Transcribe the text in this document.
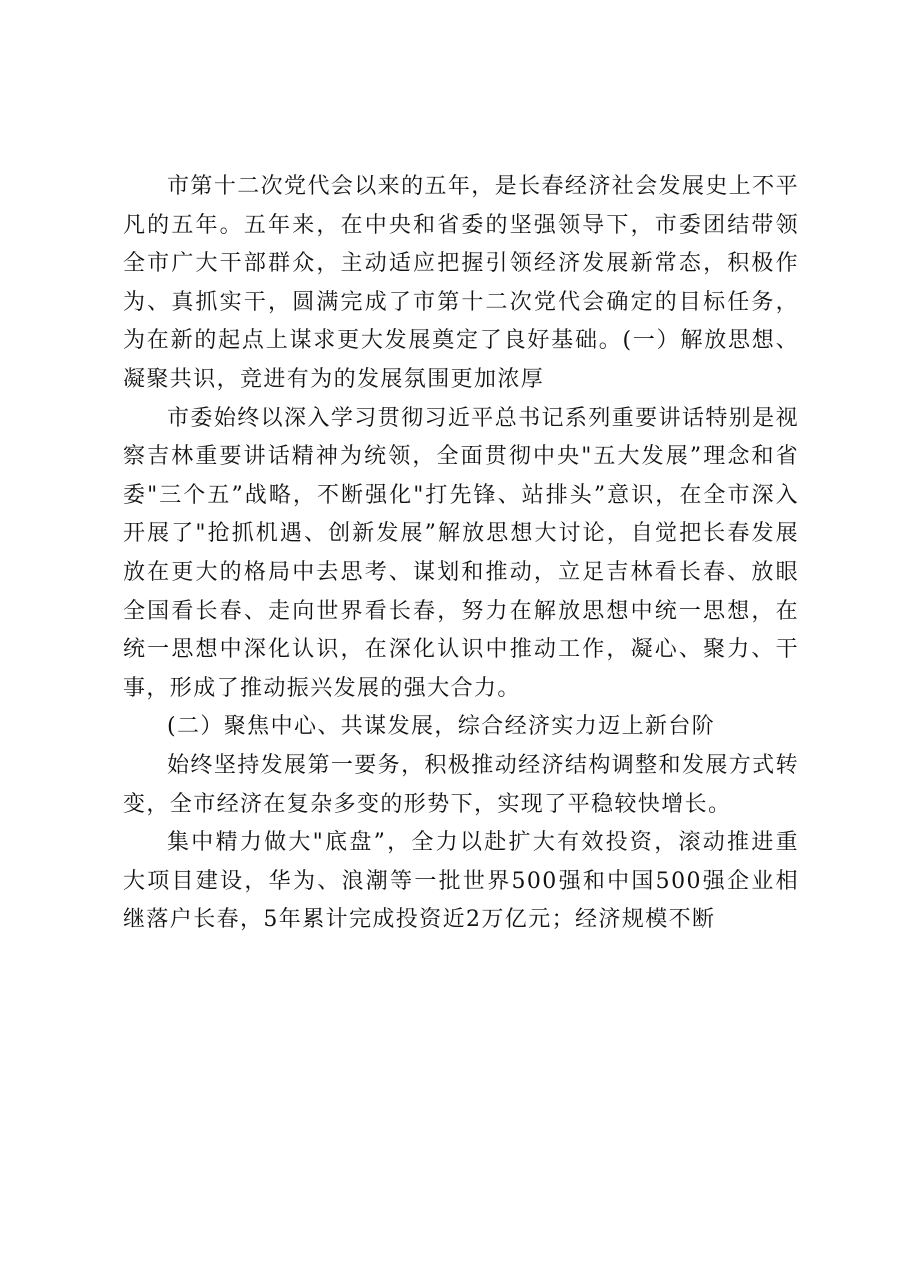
市第十二次党代会以来的五年，是长春经济社会发展史上不平凡的五年。五年来，在中央和省委的坚强领导下，市委团结带领全市广大干部群众，主动适应把握引领经济发展新常态，积极作为、真抓实干，圆满完成了市第十二次党代会确定的目标任务，为在新的起点上谋求更大发展奠定了良好基础。(一）解放思想、凝聚共识，竞进有为的发展氛围更加浓厚

市委始终以深入学习贯彻习近平总书记系列重要讲话特别是视察吉林重要讲话精神为统领，全面贯彻中央"五大发展”理念和省委"三个五”战略，不断强化"打先锋、站排头”意识，在全市深入开展了"抢抓机遇、创新发展”解放思想大讨论，自觉把长春发展放在更大的格局中去思考、谋划和推动，立足吉林看长春、放眼全国看长春、走向世界看长春，努力在解放思想中统一思想，在统一思想中深化认识，在深化认识中推动工作，凝心、聚力、干事，形成了推动振兴发展的强大合力。

(二）聚焦中心、共谋发展，综合经济实力迈上新台阶

始终坚持发展第一要务，积极推动经济结构调整和发展方式转变，全市经济在复杂多变的形势下，实现了平稳较快增长。

集中精力做大"底盘”，全力以赴扩大有效投资，滚动推进重大项目建设，华为、浪潮等一批世界500强和中国500强企业相继落户长春，5年累计完成投资近2万亿元；经济规模不断
